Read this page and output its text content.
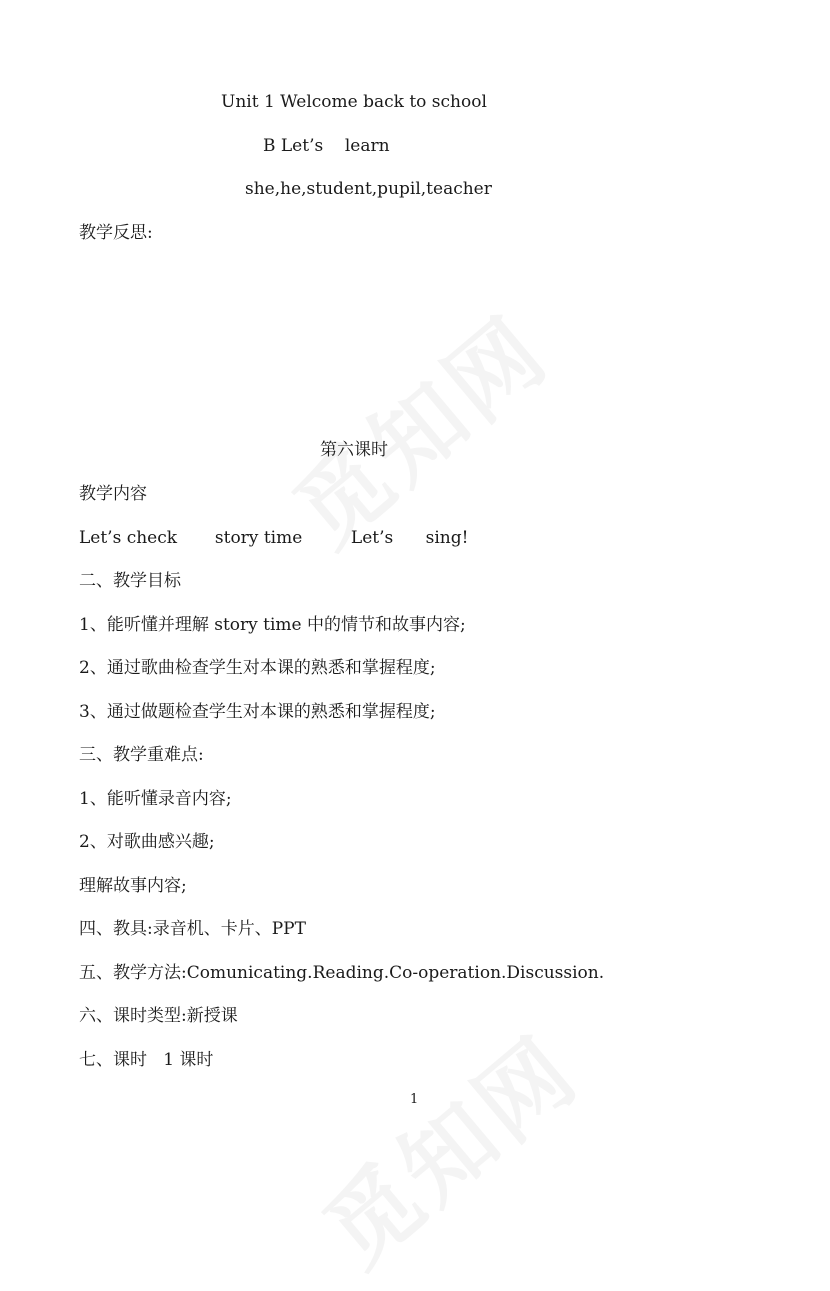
Unit 1 Welcome back to school
B Let’s    learn
she,he,student,pupil,teacher
教学反思:
第六课时
教学内容
Let’s check       story time         Let’s      sing!
二、教学目标
1、能听懂并理解 story time 中的情节和故事内容;
2、通过歌曲检查学生对本课的熟悉和掌握程度;
3、通过做题检查学生对本课的熟悉和掌握程度;
三、教学重难点:
1、能听懂录音内容;
2、对歌曲感兴趣;
理解故事内容;
四、教具:录音机、卡片、PPT
五、教学方法:Comunicating.Reading.Co-operation.Discussion.
六、课时类型:新授课
七、课时   1 课时
1
